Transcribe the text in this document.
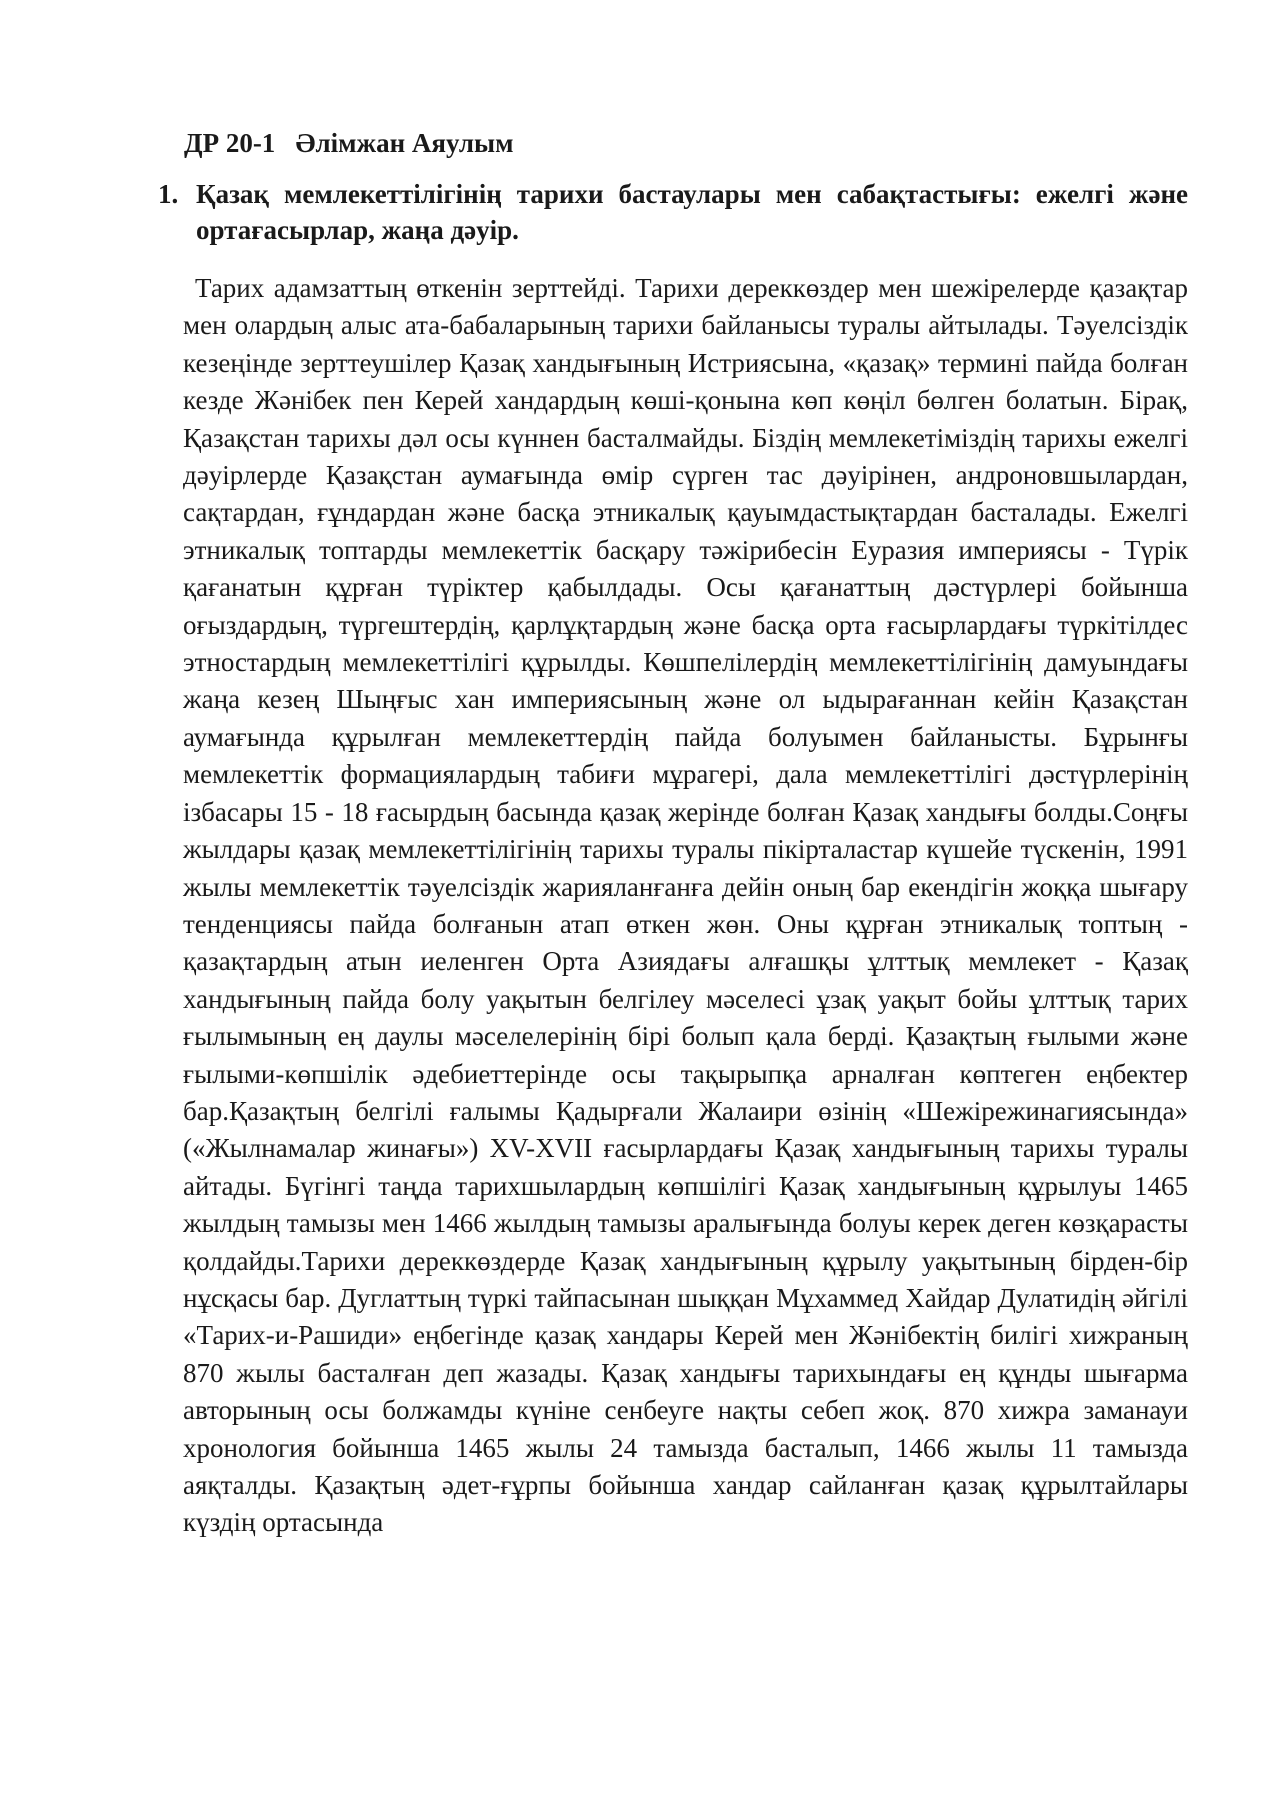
ДР 20-1   Әлімжан Аяулым
1. Қазақ мемлекеттілігінің тарихи бастаулары мен сабақтастығы: ежелгі және ортағасырлар, жаңа дәуір.

Тарих адамзаттың өткенін зерттейді. Тарихи дереккөздер мен шежірелерде қазақтар мен олардың алыс ата-бабаларының тарихи байланысы туралы айтылады. Тәуелсіздік кезеңінде зерттеушілер Қазақ хандығының Истриясына, «қазақ» термині пайда болған кезде Жәнібек пен Керей хандардың көші-қонына көп көңіл бөлген болатын. Бірақ, Қазақстан тарихы дәл осы күннен басталмайды. Біздің мемлекетіміздің тарихы ежелгі дәуірлерде Қазақстан аумағында өмір сүрген тас дәуірінен, андроновшылардан, сақтардан, ғұндардан және басқа этникалық қауымдастықтардан басталады. Ежелгі этникалық топтарды мемлекеттік басқару тәжірибесін Еуразия империясы - Түрік қағанатын құрған түріктер қабылдады. Осы қағанаттың дәстүрлері бойынша оғыздардың, түргештердің, қарлұқтардың және басқа орта ғасырлардағы түркітілдес этностардың мемлекеттілігі құрылды. Көшпелілердің мемлекеттілігінің дамуындағы жаңа кезең Шыңғыс хан империясының және ол ыдырағаннан кейін Қазақстан аумағында құрылған мемлекеттердің пайда болуымен байланысты. Бұрынғы мемлекеттік формациялардың табиғи мұрагері, дала мемлекеттілігі дәстүрлерінің ізбасары 15 - 18 ғасырдың басында қазақ жерінде болған Қазақ хандығы болды.Соңғы жылдары қазақ мемлекеттілігінің тарихы туралы пікірталастар күшейе түскенін, 1991 жылы мемлекеттік тәуелсіздік жарияланғанға дейін оның бар екендігін жоққа шығару тенденциясы пайда болғанын атап өткен жөн. Оны құрған этникалық топтың - қазақтардың атын иеленген Орта Азиядағы алғашқы ұлттық мемлекет - Қазақ хандығының пайда болу уақытын белгілеу мәселесі ұзақ уақыт бойы ұлттық тарих ғылымының ең даулы мәселелерінің бірі болып қала берді. Қазақтың ғылыми және ғылыми-көпшілік әдебиеттерінде осы тақырыпқа арналған көптеген еңбектер бар.Қазақтың белгілі ғалымы Қадырғали Жалаири өзінің «Шежірежинагиясында» («Жылнамалар жинағы») XV-XVII ғасырлардағы Қазақ хандығының тарихы туралы айтады. Бүгінгі таңда тарихшылардың көпшілігі Қазақ хандығының құрылуы 1465 жылдың тамызы мен 1466 жылдың тамызы аралығында болуы керек деген көзқарасты қолдайды.Тарихи дереккөздерде Қазақ хандығының құрылу уақытының бірден-бір нұсқасы бар. Дуглаттың түркі тайпасынан шыққан Мұхаммед Хайдар Дулатидің әйгілі «Тарих-и-Рашиди» еңбегінде қазақ хандары Керей мен Жәнібектің билігі хижраның 870 жылы басталған деп жазады. Қазақ хандығы тарихындағы ең құнды шығарма авторының осы болжамды күніне сенбеуге нақты себеп жоқ. 870 хижра заманауи хронология бойынша 1465 жылы 24 тамызда басталып, 1466 жылы 11 тамызда аяқталды. Қазақтың әдет-ғұрпы бойынша хандар сайланған қазақ құрылтайлары күздің ортасында
